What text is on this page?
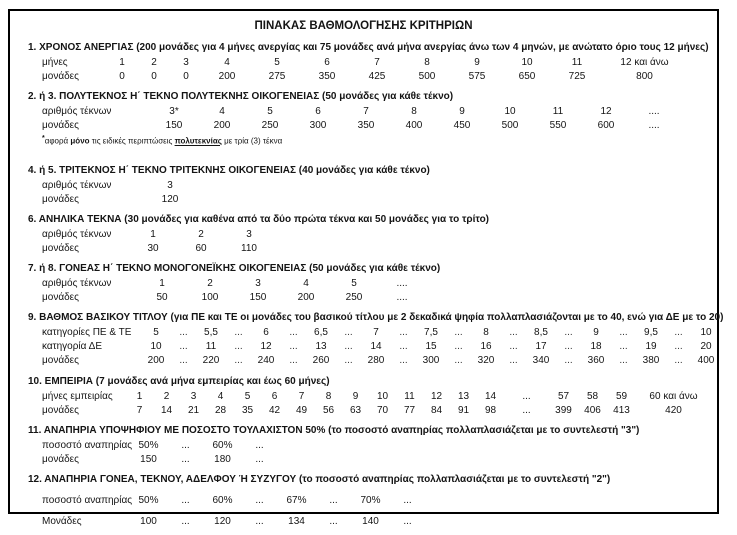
ΠΙΝΑΚΑΣ ΒΑΘΜΟΛΟΓΗΣΗΣ ΚΡΙΤΗΡΙΩΝ
1. ΧΡΟΝΟΣ ΑΝΕΡΓΙΑΣ (200 μονάδες για 4 μήνες ανεργίας και 75 μονάδες ανά μήνα ανεργίας άνω των 4 μηνών, με ανώτατο όριο τους 12 μήνες)
μήνες	1	2	3	4	5	6	7	8	9	10	11	12 και άνω
μονάδες	0	0	0	200	275	350	425	500	575	650	725	800
2. ή 3. ΠΟΛΥΤΕΚΝΟΣ Η΄ ΤΕΚΝΟ ΠΟΛΥΤΕΚΝΗΣ ΟΙΚΟΓΕΝΕΙΑΣ (50 μονάδες για κάθε τέκνο)
αριθμός τέκνων	3*	4	5	6	7	8	9	10	11	12	....
μονάδες	150	200	250	300	350	400	450	500	550	600	....
*αφορά μόνο τις ειδικές περιπτώσεις πολυτεκνίας με τρία (3) τέκνα
4. ή 5. ΤΡΙΤΕΚΝΟΣ Η΄ ΤΕΚΝΟ ΤΡΙΤΕΚΝΗΣ ΟΙΚΟΓΕΝΕΙΑΣ (40 μονάδες για κάθε τέκνο)
αριθμός τέκνων	3
μονάδες	120
6. ΑΝΗΛΙΚΑ ΤΕΚΝΑ (30 μονάδες για καθένα από τα δύο πρώτα τέκνα και 50 μονάδες για το τρίτο)
αριθμός τέκνων	1	2	3
μονάδες	30	60	110
7. ή 8. ΓΟΝΕΑΣ Η΄ ΤΕΚΝΟ ΜΟΝΟΓΟΝΕΪΚΗΣ ΟΙΚΟΓΕΝΕΙΑΣ (50 μονάδες για κάθε τέκνο)
αριθμός τέκνων	1	2	3	4	5	....
μονάδες	50	100	150	200	250	....
9. ΒΑΘΜΟΣ ΒΑΣΙΚΟΥ ΤΙΤΛΟΥ (για ΠΕ και ΤΕ οι μονάδες του βασικού τίτλου με 2 δεκαδικά ψηφία πολλαπλασιάζονται με το 40, ενώ για ΔΕ με το 20)
κατηγορίες ΠΕ & ΤΕ	5	...	5,5	...	6	...	6,5	...	7	...	7,5	...	8	...	8,5	...	9	...	9,5	...	10
κατηγορία ΔΕ	10	...	11	...	12	...	13	...	14	...	15	...	16	...	17	...	18	...	19	...	20
μονάδες	200	...	220	...	240	...	260	...	280	...	300	...	320	...	340	...	360	...	380	...	400
10. ΕΜΠΕΙΡΙΑ (7 μονάδες ανά μήνα εμπειρίας και έως 60 μήνες)
μήνες εμπειρίας	1	2	3	4	5	6	7	8	9	10	11	12	13	14	...	57	58	59	60 και άνω
μονάδες	7	14	21	28	35	42	49	56	63	70	77	84	91	98	...	399	406	413	420
11. ΑΝΑΠΗΡΙΑ ΥΠΟΨΗΦΙΟΥ ΜΕ ΠΟΣΟΣΤΟ ΤΟΥΛΑΧΙΣΤΟΝ 50% (το ποσοστό αναπηρίας πολλαπλασιάζεται με το συντελεστή "3")
ποσοστό αναπηρίας 50%	...	60%	...
μονάδες	150	...	180	...
12. ΑΝΑΠΗΡΙΑ ΓΟΝΕΑ, ΤΕΚΝΟΥ, ΑΔΕΛΦΟΥ Ή ΣΥΖΥΓΟΥ (το ποσοστό αναπηρίας πολλαπλασιάζεται με το συντελεστή "2")
ποσοστό αναπηρίας 50%	...	60%	...	67%	...	70%	...
Μονάδες	100	...	120	...	134	...	140	...
